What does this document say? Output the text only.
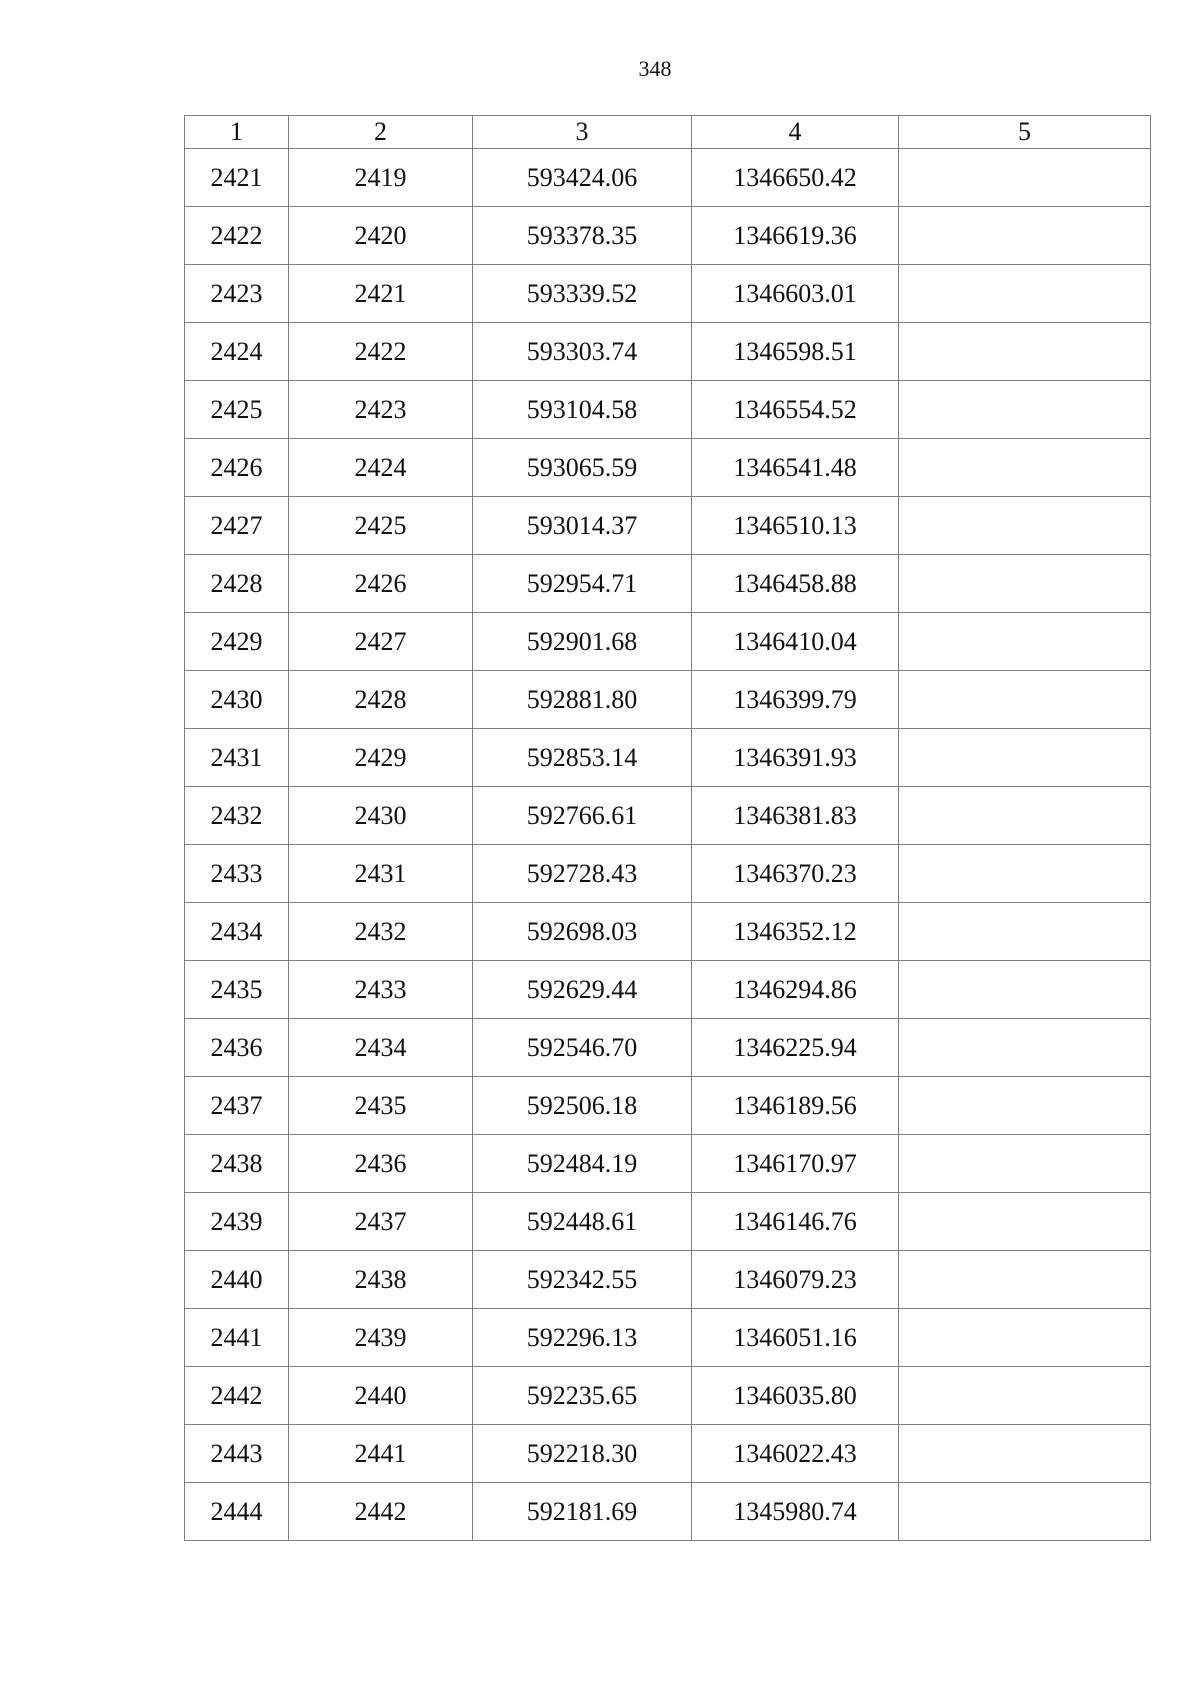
348
1	2	3	4	5
2421	2419	593424.06	1346650.42	
2422	2420	593378.35	1346619.36	
2423	2421	593339.52	1346603.01	
2424	2422	593303.74	1346598.51	
2425	2423	593104.58	1346554.52	
2426	2424	593065.59	1346541.48	
2427	2425	593014.37	1346510.13	
2428	2426	592954.71	1346458.88	
2429	2427	592901.68	1346410.04	
2430	2428	592881.80	1346399.79	
2431	2429	592853.14	1346391.93	
2432	2430	592766.61	1346381.83	
2433	2431	592728.43	1346370.23	
2434	2432	592698.03	1346352.12	
2435	2433	592629.44	1346294.86	
2436	2434	592546.70	1346225.94	
2437	2435	592506.18	1346189.56	
2438	2436	592484.19	1346170.97	
2439	2437	592448.61	1346146.76	
2440	2438	592342.55	1346079.23	
2441	2439	592296.13	1346051.16	
2442	2440	592235.65	1346035.80	
2443	2441	592218.30	1346022.43	
2444	2442	592181.69	1345980.74	
